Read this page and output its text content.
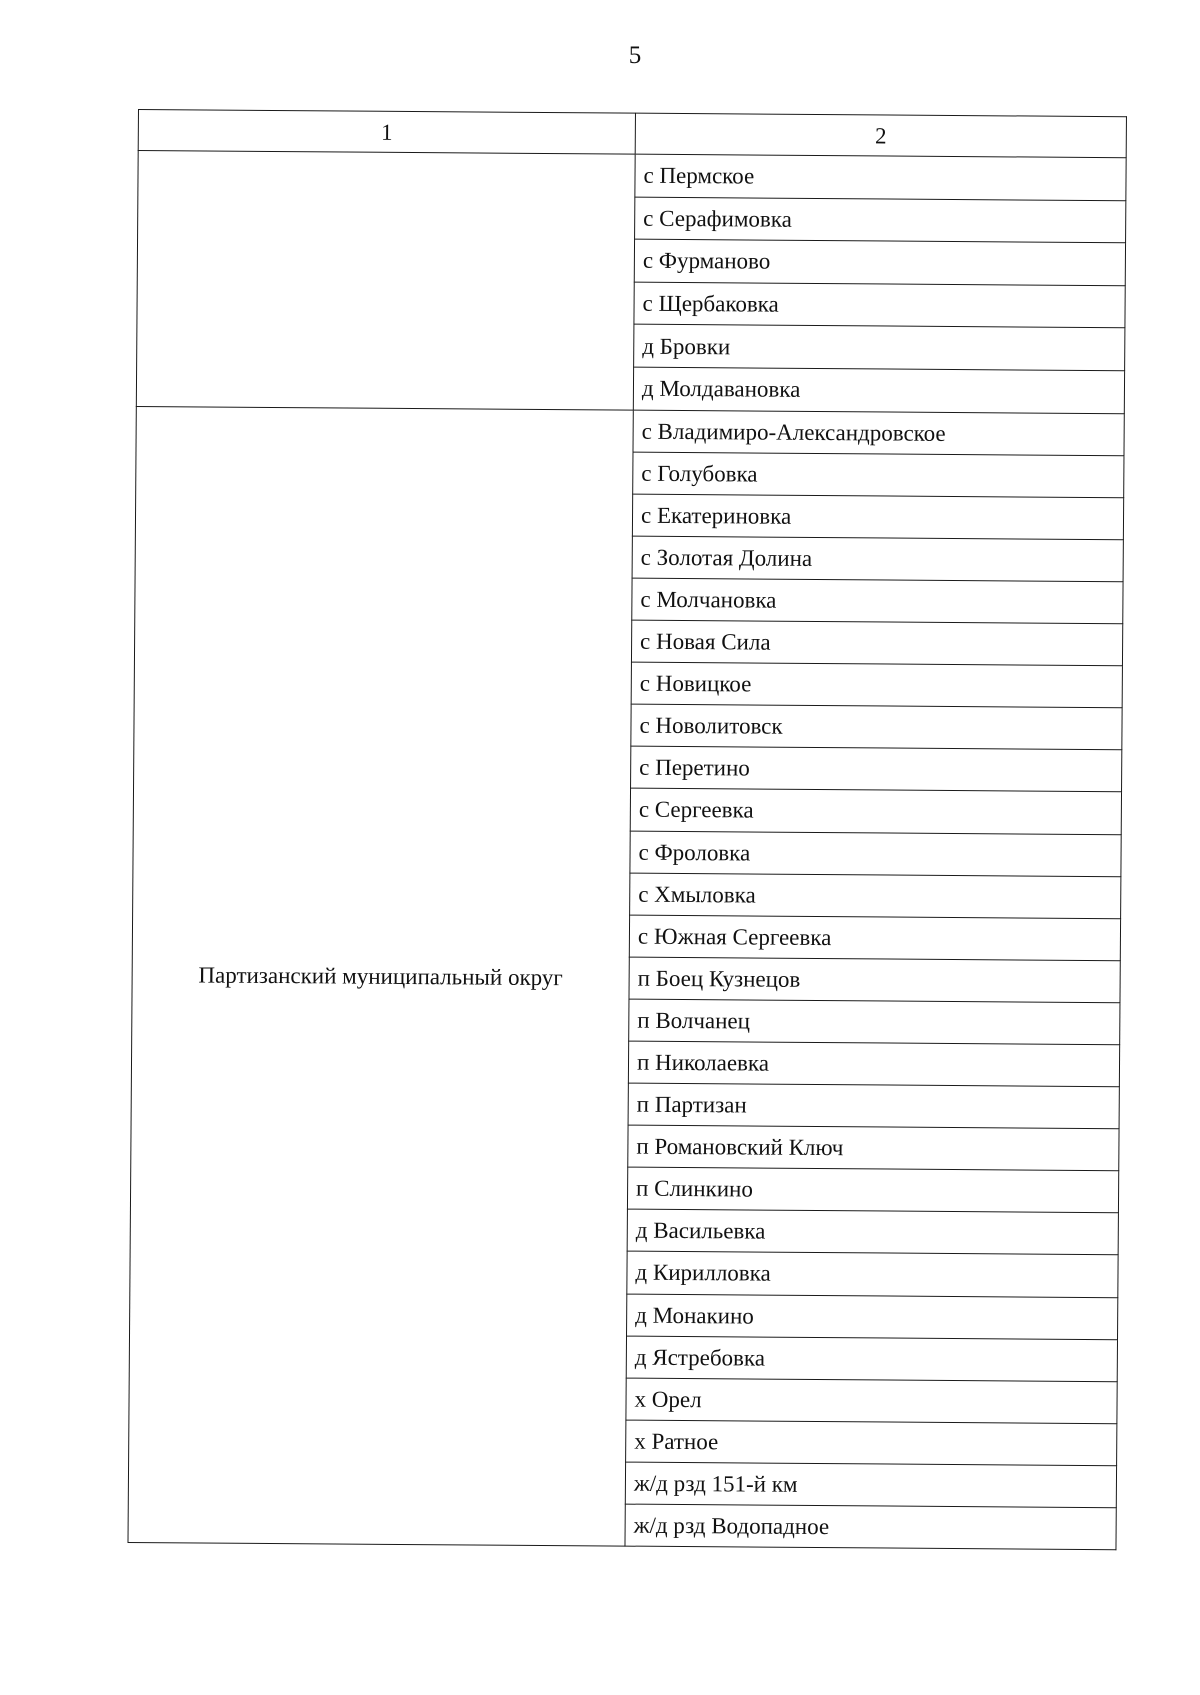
5
1	2
	с Пермское
	с Серафимовка
	с Фурманово
	с Щербаковка
	д Бровки
	д Молдавановка
Партизанский муниципальный округ	с Владимиро-Александровское
	с Голубовка
	с Екатериновка
	с Золотая Долина
	с Молчановка
	с Новая Сила
	с Новицкое
	с Новолитовск
	с Перетино
	с Сергеевка
	с Фроловка
	с Хмыловка
	с Южная Сергеевка
	п Боец Кузнецов
	п Волчанец
	п Николаевка
	п Партизан
	п Романовский Ключ
	п Слинкино
	д Васильевка
	д Кирилловка
	д Монакино
	д Ястребовка
	х Орел
	х Ратное
	ж/д рзд 151-й км
	ж/д рзд Водопадное
